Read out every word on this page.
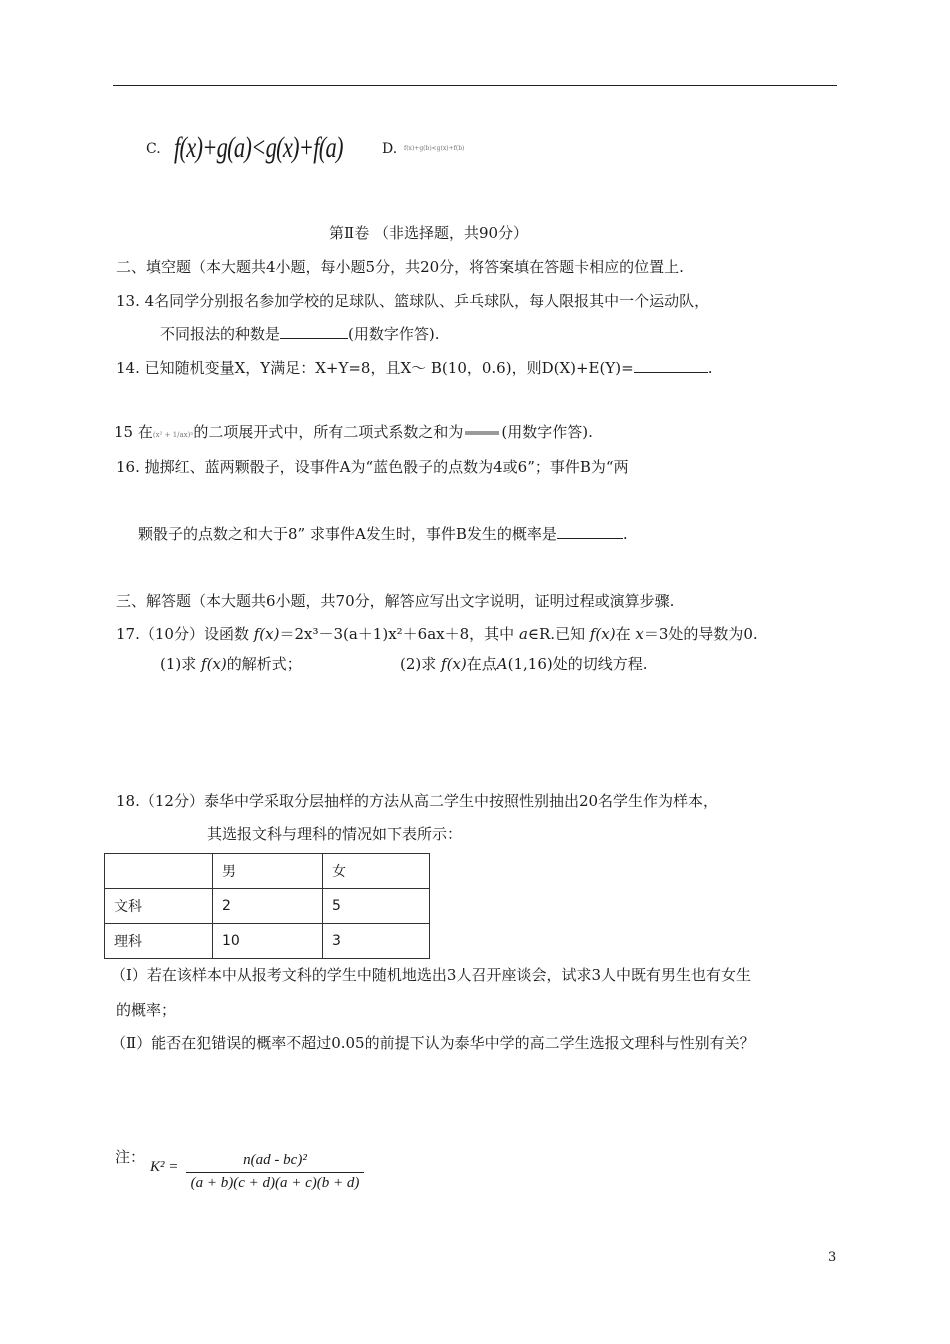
C. f(x)+g(a)<g(x)+f(a)	D. f(x)+g(b)<g(x)+f(b)
第Ⅱ卷 （非选择题，共90分）
二、填空题（本大题共4小题，每小题5分，共20分，将答案填在答题卡相应的位置上.
13. 4名同学分别报名参加学校的足球队、篮球队、乒乓球队，每人限报其中一个运动队，
不同报法的种数是	(用数字作答).
14. 已知随机变量X，Y满足：X+Y=8，且X～ B(10，0.6)，则D(X)+E(Y)=	.
15 在(x² + 1/ax)ⁿ的二项展开式中，所有二项式系数之和为	(用数字作答).
16. 抛掷红、蓝两颗骰子，设事件A为“蓝色骰子的点数为4或6”；事件B为“两
颗骰子的点数之和大于8” 求事件A发生时，事件B发生的概率是	.
三、解答题（本大题共6小题，共70分，解答应写出文字说明，证明过程或演算步骤.
17.（10分）设函数 f(x)＝2x³－3(a＋1)x²＋6ax＋8，其中 a∈R.已知 f(x)在 x＝3处的导数为0.
(1)求 f(x)的解析式；	(2)求 f(x)在点A(1,16)处的切线方程.
18.（12分）泰华中学采取分层抽样的方法从高二学生中按照性别抽出20名学生作为样本，
其选报文科与理科的情况如下表所示：
	男	女
文科	2	5
理科	10	3
（Ⅰ）若在该样本中从报考文科的学生中随机地选出3人召开座谈会，试求3人中既有男生也有女生
的概率；
（Ⅱ）能否在犯错误的概率不超过0.05的前提下认为泰华中学的高二学生选报文理科与性别有关？
注：
$K^2 = \frac{\text{n(ad - bc)²}}{(a + b)(c + d)(a + c)(b + d)}$
3
